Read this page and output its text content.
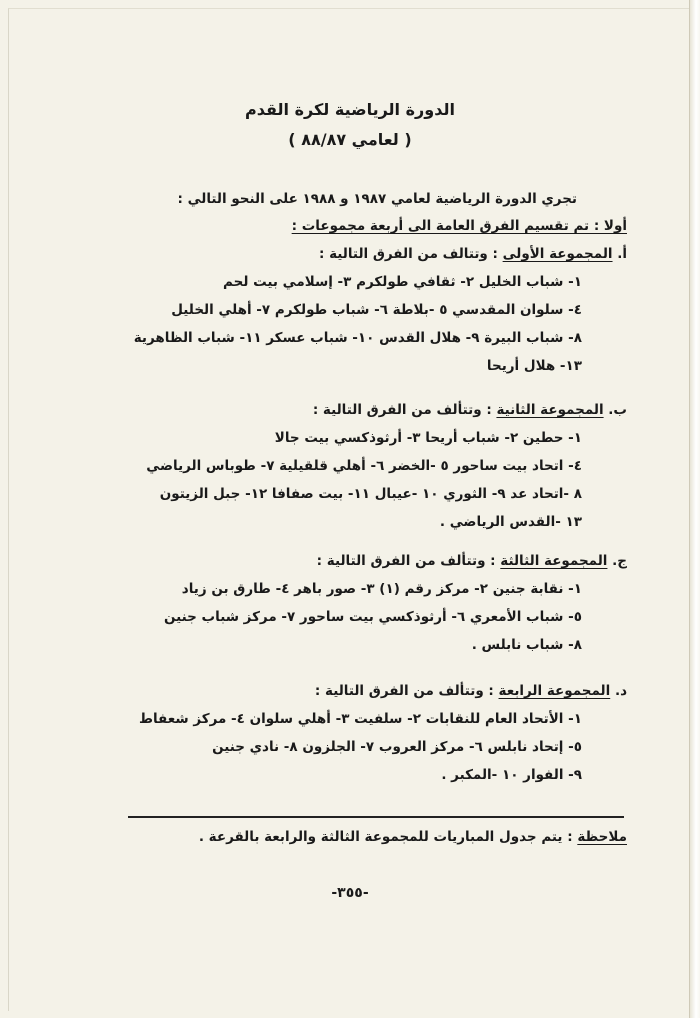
الدورة الرياضية لكرة القدم
( لعامي ٨٨/٨٧ )
تجري الدورة الرياضية لعامي ١٩٨٧ و ١٩٨٨ على النحو التالي :
أولا : تم تقسيم الفرق العامة الى أربعة مجموعات :
أ. المجموعة الأولى : وتتالف من الفرق التالية :
١- شباب الخليل ٢- ثقافي طولكرم ٣- إسلامي بيت لحم
٤- سلوان المقدسي ٥ -بلاطة ٦- شباب طولكرم ٧- أهلي الخليل
٨- شباب البيرة ٩- هلال القدس ١٠- شباب عسكر ١١- شباب الظاهرية
١٣- هلال أريحا
ب. المجموعة الثانية : وتتألف من الفرق التالية :
١- حطين ٢- شباب أريحا ٣- أرثوذكسي بيت جالا
٤- اتحاد بيت ساحور ٥ -الخضر ٦- أهلي قلقيلية ٧- طوباس الرياضي
٨ -اتحاد عد ٩- الثوري ١٠ -عيبال ١١- بيت صفافا ١٢- جبل الزيتون
١٣ -القدس الرياضي .
ج. المجموعة الثالثة : وتتألف من الفرق التالية :
١- نقابة جنين ٢- مركز رقم (١) ٣- صور باهر ٤- طارق بن زياد
٥- شباب الأمعري ٦- أرثوذكسي بيت ساحور ٧- مركز شباب جنين
٨- شباب نابلس .
د. المجموعة الرابعة : وتتألف من الفرق التالية :
١- الأتحاد العام للنقابات ٢- سلفيت ٣- أهلي سلوان ٤- مركز شعفاط
٥- إتحاد نابلس ٦- مركز العروب ٧- الجلزون ٨- نادي جنين
٩- الفوار ١٠ -المكبر .
ملاحظة : يتم جدول المباريات للمجموعة الثالثة والرابعة بالقرعة .
-٣٥٥-
